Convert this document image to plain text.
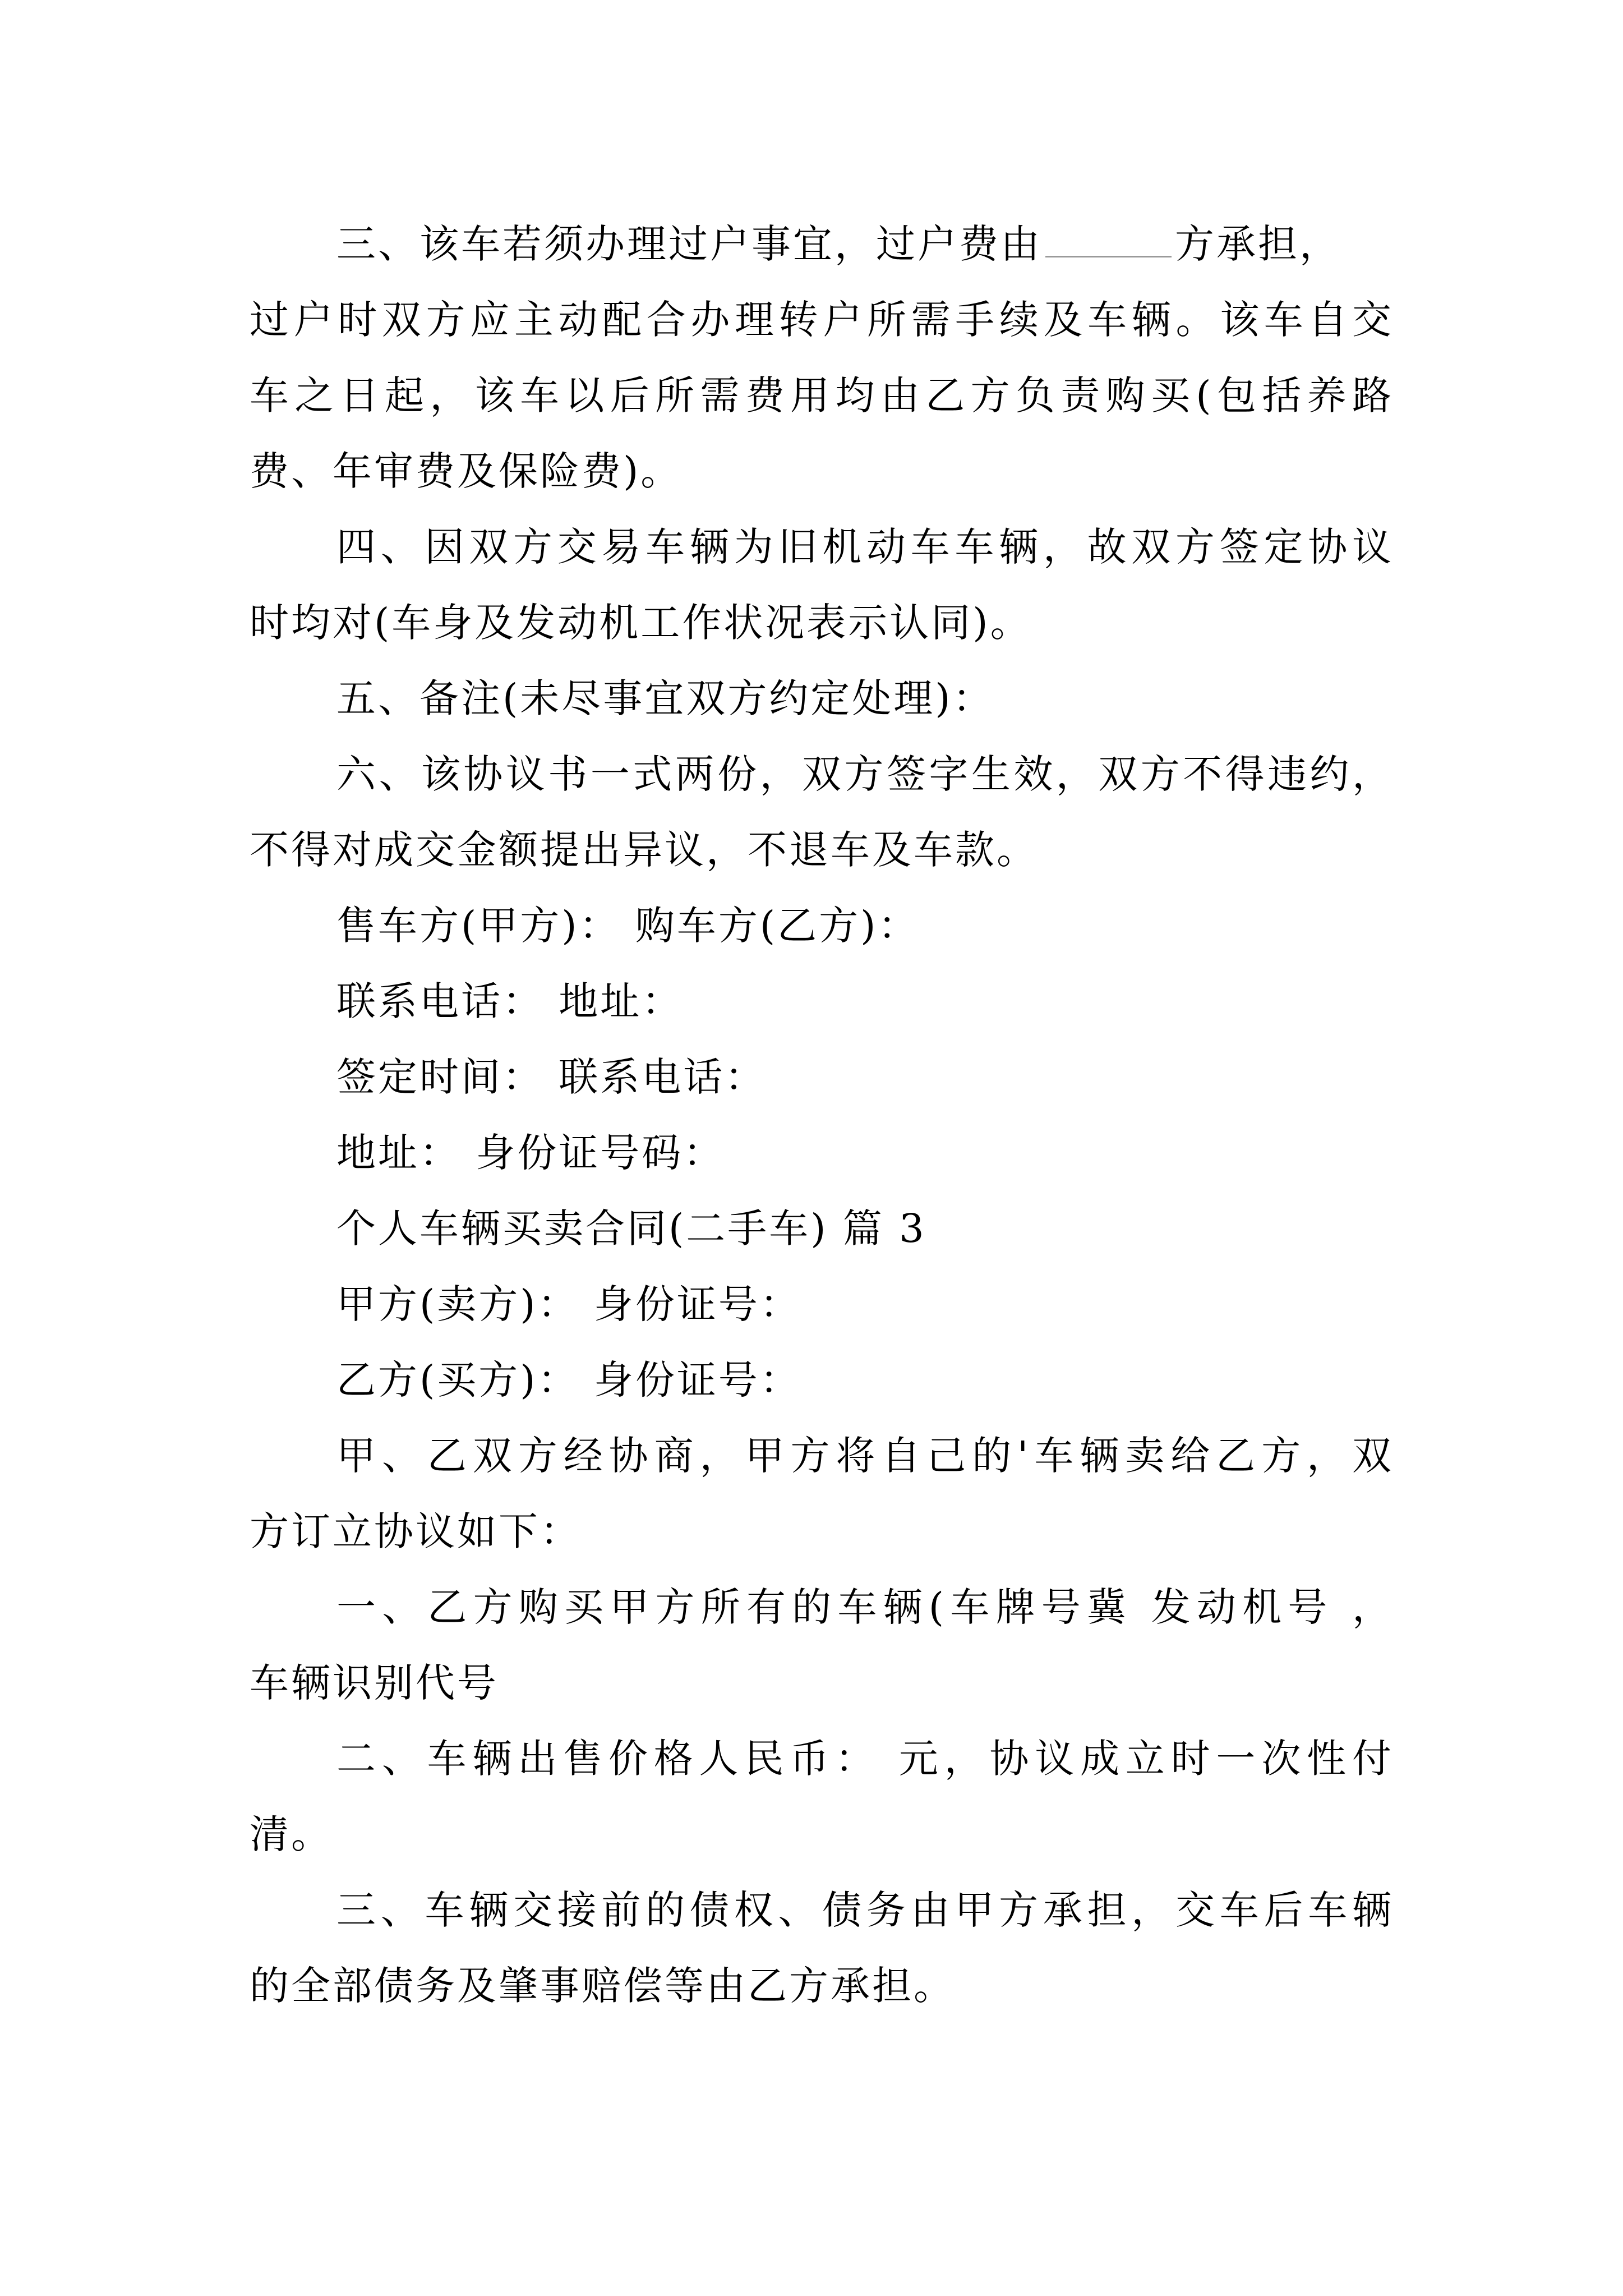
三、该车若须办理过户事宜，过户费由	方承担，
过户时双方应主动配合办理转户所需手续及车辆。该车自交
车之日起，该车以后所需费用均由乙方负责购买(包括养路
费、年审费及保险费)。
四、因双方交易车辆为旧机动车车辆，故双方签定协议
时均对(车身及发动机工作状况表示认同)。
五、备注(未尽事宜双方约定处理)：
六、该协议书一式两份，双方签字生效，双方不得违约，
不得对成交金额提出异议，不退车及车款。
售车方(甲方)： 购车方(乙方)：
联系电话： 地址：
签定时间： 联系电话：
地址： 身份证号码：
个人车辆买卖合同(二手车) 篇 3
甲方(卖方)： 身份证号：
乙方(买方)： 身份证号：
甲、乙双方经协商，甲方将自己的'车辆卖给乙方，双
方订立协议如下：
一、乙方购买甲方所有的车辆(车牌号冀 发动机号 ，
车辆识别代号
二、车辆出售价格人民币： 元，协议成立时一次性付
清。
三、车辆交接前的债权、债务由甲方承担，交车后车辆
的全部债务及肇事赔偿等由乙方承担。
